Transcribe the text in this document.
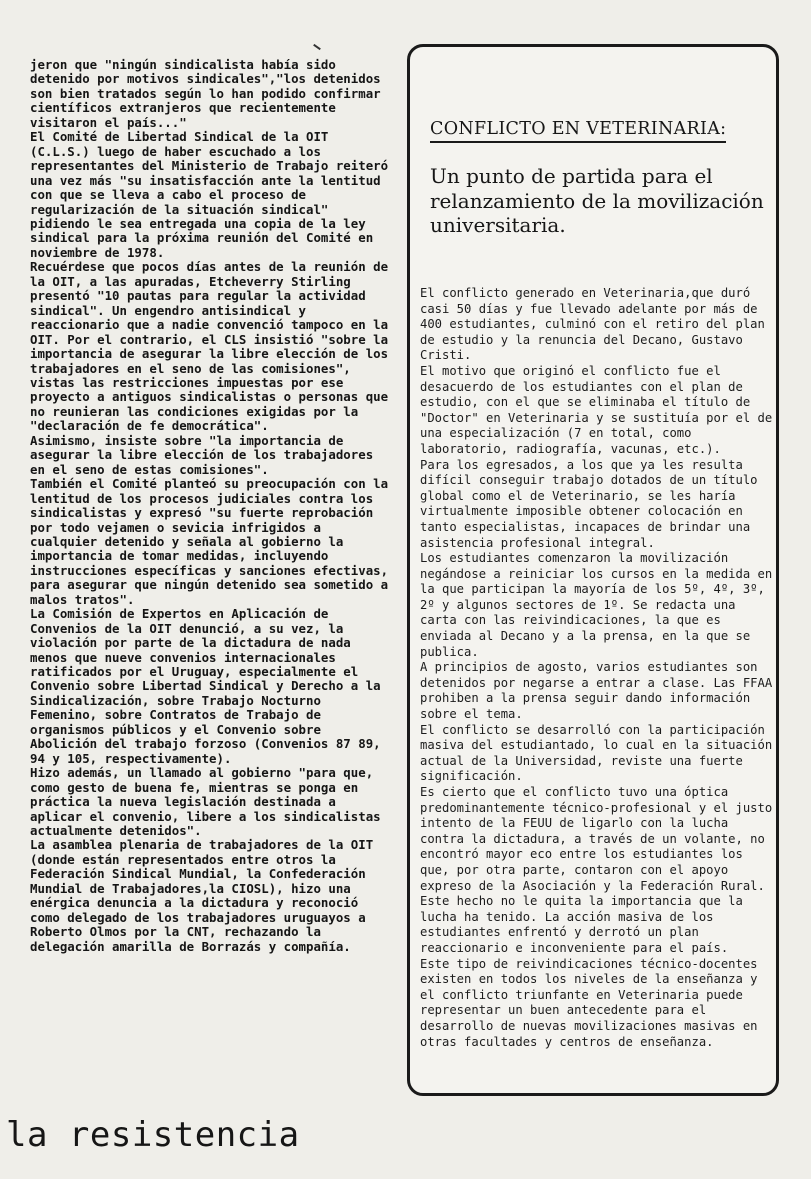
jeron que "ningún sindicalista había sido detenido por motivos sindicales","los detenidos son bien tratados según lo han podido confirmar científicos extranjeros que recientemente visitaron el país..."

El Comité de Libertad Sindical de la OIT (C.L.S.) luego de haber escuchado a los representantes del Ministerio de Trabajo reiteró una vez más "su insatisfacción ante la lentitud con que se lleva a cabo el proceso de regularización de la situación sindical" pidiendo le sea entregada una copia de la ley sindical para la próxima reunión del Comité en noviembre de 1978.

Recuérdese que pocos días antes de la reunión de la OIT, a las apuradas, Etcheverry Stirling presentó "10 pautas para regular la actividad sindical". Un engendro antisindical y reaccionario que a nadie convenció tampoco en la OIT. Por el contrario, el CLS insistió "sobre la importancia de asegurar la libre elección de los trabajadores en el seno de las comisiones", vistas las restricciones impuestas por ese proyecto a antiguos sindicalistas o personas que no reunieran las condiciones exigidas por la "declaración de fe democrática".

Asimismo, insiste sobre "la importancia de asegurar la libre elección de los trabajadores en el seno de estas comisiones".

También el Comité planteó su preocupación con la lentitud de los procesos judiciales contra los sindicalistas y expresó "su fuerte reprobación por todo vejamen o sevicia infrigidos a cualquier detenido y señala al gobierno la importancia de tomar medidas, incluyendo instrucciones específicas y sanciones efectivas, para asegurar que ningún detenido sea sometido a malos tratos".

La Comisión de Expertos en Aplicación de Convenios de la OIT denunció, a su vez, la violación por parte de la dictadura de nada menos que nueve convenios internacionales ratificados por el Uruguay, especialmente el Convenio sobre Libertad Sindical y Derecho a la Sindicalización, sobre Trabajo Nocturno Femenino, sobre Contratos de Trabajo de organismos públicos y el Convenio sobre Abolición del trabajo forzoso (Convenios 87 89, 94 y 105, respectivamente).

Hizo además, un llamado al gobierno "para que, como gesto de buena fe, mientras se ponga en práctica la nueva legislación destinada a aplicar el convenio, libere a los sindicalistas actualmente detenidos".

La asamblea plenaria de trabajadores de la OIT (donde están representados entre otros la Federación Sindical Mundial, la Confederación Mundial de Trabajadores,la CIOSL), hizo una enérgica denuncia a la dictadura y reconoció como delegado de los trabajadores uruguayos a Roberto Olmos por la CNT, rechazando la delegación amarilla de Borrazás y compañía.

CONFLICTO EN VETERINARIA:
Un punto de partida para el relanzamiento de la movilización universitaria.

El conflicto generado en Veterinaria,que duró casi 50 días y fue llevado adelante por más de 400 estudiantes, culminó con el retiro del plan de estudio y la renuncia del Decano, Gustavo Cristi.

El motivo que originó el conflicto fue el desacuerdo de los estudiantes con el plan de estudio, con el que se eliminaba el título de "Doctor" en Veterinaria y se sustituía por el de una especialización (7 en total, como laboratorio, radiografía, vacunas, etc.).

Para los egresados, a los que ya les resulta difícil conseguir trabajo dotados de un título global como el de Veterinario, se les haría virtualmente imposible obtener colocación en tanto especialistas, incapaces de brindar una asistencia profesional integral.

Los estudiantes comenzaron la movilización negándose a reiniciar los cursos en la medida en la que participan la mayoría de los 5º, 4º, 3º, 2º y algunos sectores de 1º. Se redacta una carta con las reivindicaciones, la que es enviada al Decano y a la prensa, en la que se publica.

A principios de agosto, varios estudiantes son detenidos por negarse a entrar a clase. Las FFAA prohiben a la prensa seguir dando información sobre el tema.

El conflicto se desarrolló con la participación masiva del estudiantado, lo cual en la situación actual de la Universidad, reviste una fuerte significación.

Es cierto que el conflicto tuvo una óptica predominantemente técnico-profesional y el justo intento de la FEUU de ligarlo con la lucha contra la dictadura, a través de un volante, no encontró mayor eco entre los estudiantes los que, por otra parte, contaron con el apoyo expreso de la Asociación y la Federación Rural.

Este hecho no le quita la importancia que la lucha ha tenido. La acción masiva de los estudiantes enfrentó y derrotó un plan reaccionario e inconveniente para el país.

Este tipo de reivindicaciones técnico-docentes existen en todos los niveles de la enseñanza y el conflicto triunfante en Veterinaria puede representar un buen antecedente para el desarrollo de nuevas movilizaciones masivas en otras facultades y centros de enseñanza.

la resistencia
